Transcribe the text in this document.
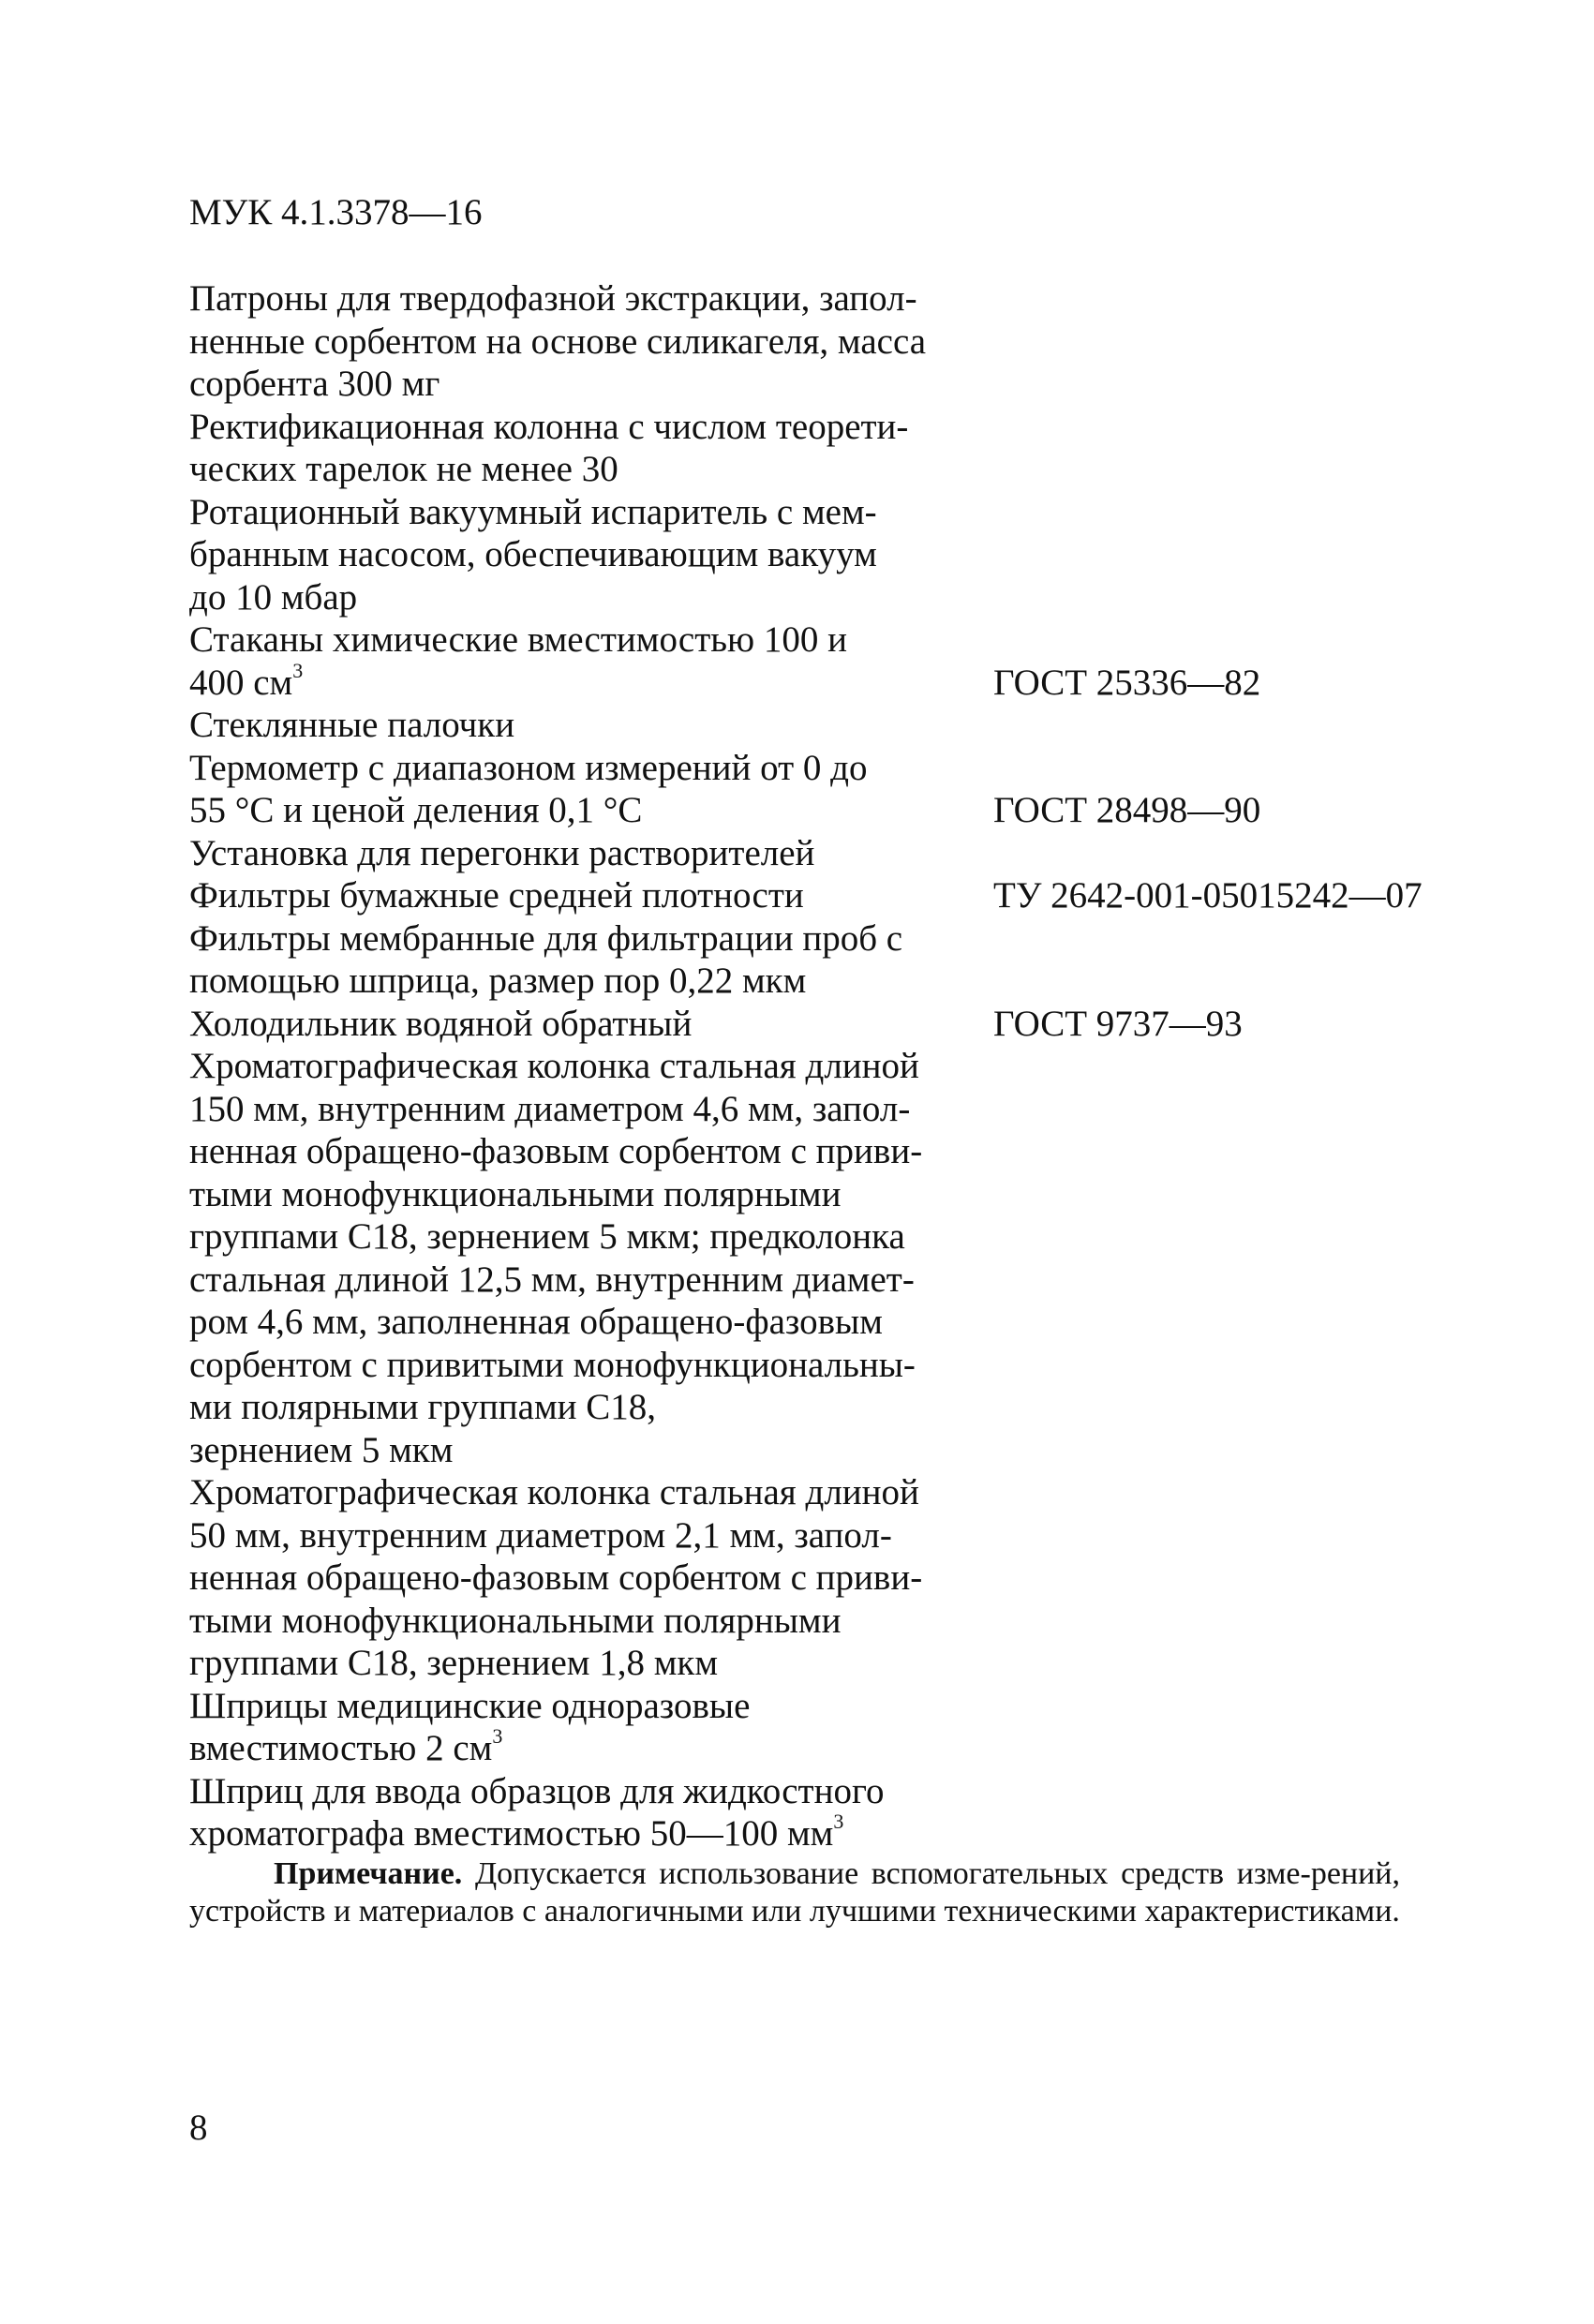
МУК 4.1.3378—16
Патроны для твердофазной экстракции, запол-
ненные сорбентом на основе силикагеля, масса
сорбента 300 мг
Ректификационная колонна с числом теорети-
ческих тарелок не менее 30
Ротационный вакуумный испаритель с мем-
бранным насосом, обеспечивающим вакуум
до 10 мбар
Стаканы химические вместимостью 100 и
400 $см^3$	ГОСТ 25336—82
Стеклянные палочки
Термометр с диапазоном измерений от 0 до
55 °С и ценой деления 0,1 °С	ГОСТ 28498—90
Установка для перегонки растворителей
Фильтры бумажные средней плотности	ТУ 2642-001-05015242—07
Фильтры мембранные для фильтрации проб с
помощью шприца, размер пор 0,22 мкм
Холодильник водяной обратный	ГОСТ 9737—93
Хроматографическая колонка стальная длиной
150 мм, внутренним диаметром 4,6 мм, запол-
ненная обращено-фазовым сорбентом с приви-
тыми монофункциональными полярными
группами С18, зернением 5 мкм; предколонка
стальная длиной 12,5 мм, внутренним диамет-
ром 4,6 мм, заполненная обращено-фазовым
сорбентом с привитыми монофункциональны-
ми полярными группами С18,
зернением 5 мкм
Хроматографическая колонка стальная длиной
50 мм, внутренним диаметром 2,1 мм, запол-
ненная обращено-фазовым сорбентом с приви-
тыми монофункциональными полярными
группами С18, зернением 1,8 мкм
Шприцы медицинские одноразовые
вместимостью 2 $см^3$
Шприц для ввода образцов для жидкостного
хроматографа вместимостью 50—100 $мм^3$
Примечание. Допускается использование вспомогательных средств изме-рений, устройств и материалов с аналогичными или лучшими техническими характеристиками.
8
